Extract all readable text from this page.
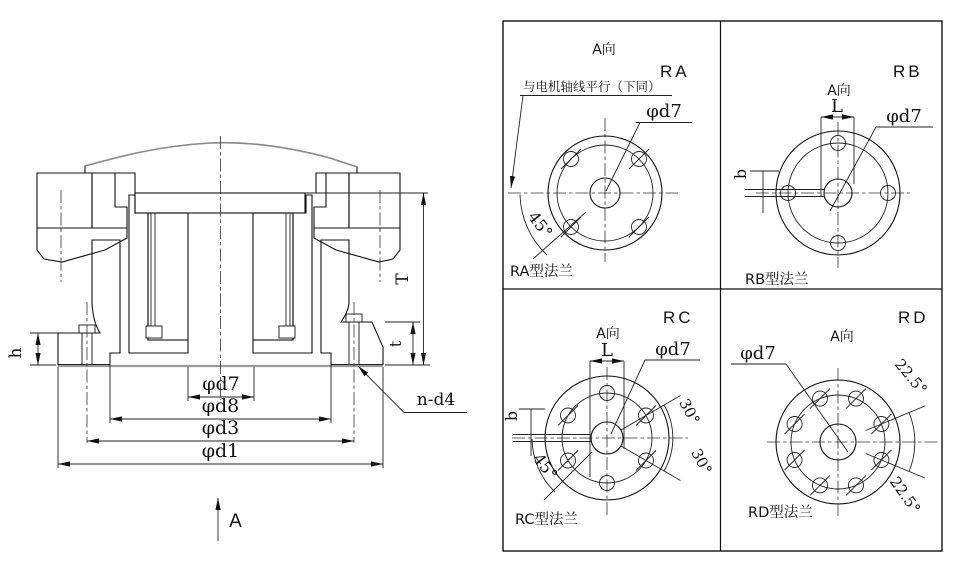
φd7
φd8
φd3
φd1
h
T
t
n-d4
A
A向
RA
与电机轴线平行（下同）
φd7
45°
RA型法兰
RB
A向
L
b
φd7
RB型法兰
RC
A向
L φd7
b	30°
30°
45°
RC型法兰
RD
A向
φd7
22.5°
22.5°
RD型法兰
